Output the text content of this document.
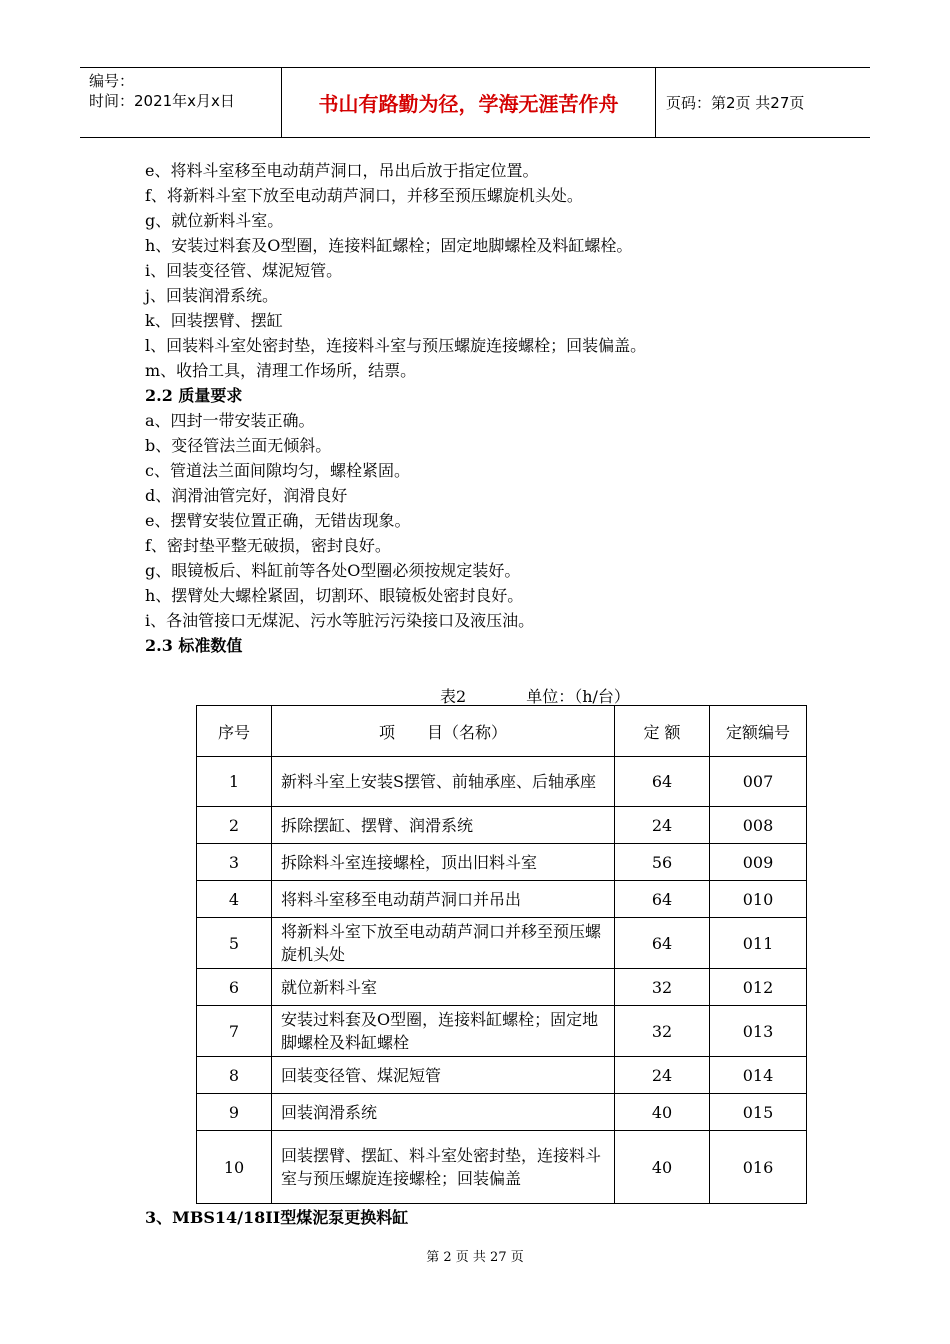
编号：
时间：2021年x月x日	书山有路勤为径，学海无涯苦作舟	页码：第2页 共27页
e、将料斗室移至电动葫芦洞口，吊出后放于指定位置。
f、将新料斗室下放至电动葫芦洞口，并移至预压螺旋机头处。
g、就位新料斗室。
h、安装过料套及O型圈，连接料缸螺栓；固定地脚螺栓及料缸螺栓。
i、回装变径管、煤泥短管。
j、回装润滑系统。
k、回装摆臂、摆缸
l、回装料斗室处密封垫，连接料斗室与预压螺旋连接螺栓；回装偏盖。
m、收拾工具，清理工作场所，结票。
2.2 质量要求
a、四封一带安装正确。
b、变径管法兰面无倾斜。
c、管道法兰面间隙均匀，螺栓紧固。
d、润滑油管完好，润滑良好
e、摆臂安装位置正确，无错齿现象。
f、密封垫平整无破损，密封良好。
g、眼镜板后、料缸前等各处O型圈必须按规定装好。
h、摆臂处大螺栓紧固，切割环、眼镜板处密封良好。
i、各油管接口无煤泥、污水等脏污污染接口及液压油。
2.3 标准数值
表2	单位：（h/台）
序号	项　　目（名称）	定 额	定额编号
1	新料斗室上安装S摆管、前轴承座、后轴承座	64	007
2	拆除摆缸、摆臂、润滑系统	24	008
3	拆除料斗室连接螺栓，顶出旧料斗室	56	009
4	将料斗室移至电动葫芦洞口并吊出	64	010
5	将新料斗室下放至电动葫芦洞口并移至预压螺旋机头处	64	011
6	就位新料斗室	32	012
7	安装过料套及O型圈，连接料缸螺栓；固定地脚螺栓及料缸螺栓	32	013
8	回装变径管、煤泥短管	24	014
9	回装润滑系统	40	015
10	回装摆臂、摆缸、料斗室处密封垫，连接料斗室与预压螺旋连接螺栓；回装偏盖	40	016
3、MBS14/18II型煤泥泵更换料缸
第 2 页 共 27 页
